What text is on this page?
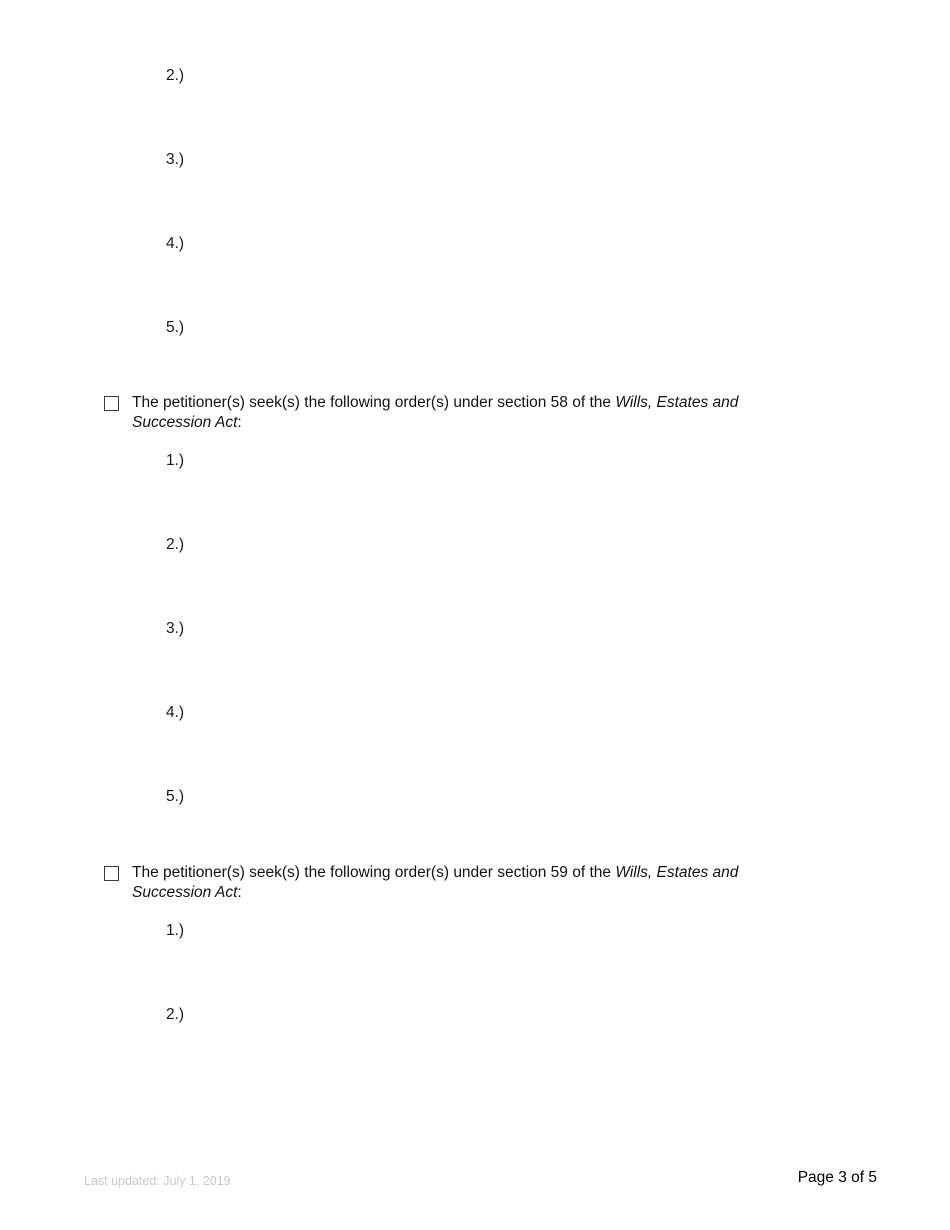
2.)
3.)
4.)
5.)
The petitioner(s) seek(s) the following order(s) under section 58 of the Wills, Estates and Succession Act:
1.)
2.)
3.)
4.)
5.)
The petitioner(s) seek(s) the following order(s) under section 59 of the Wills, Estates and Succession Act:
1.)
2.)
Last updated: July 1, 2019	Page 3 of 5
